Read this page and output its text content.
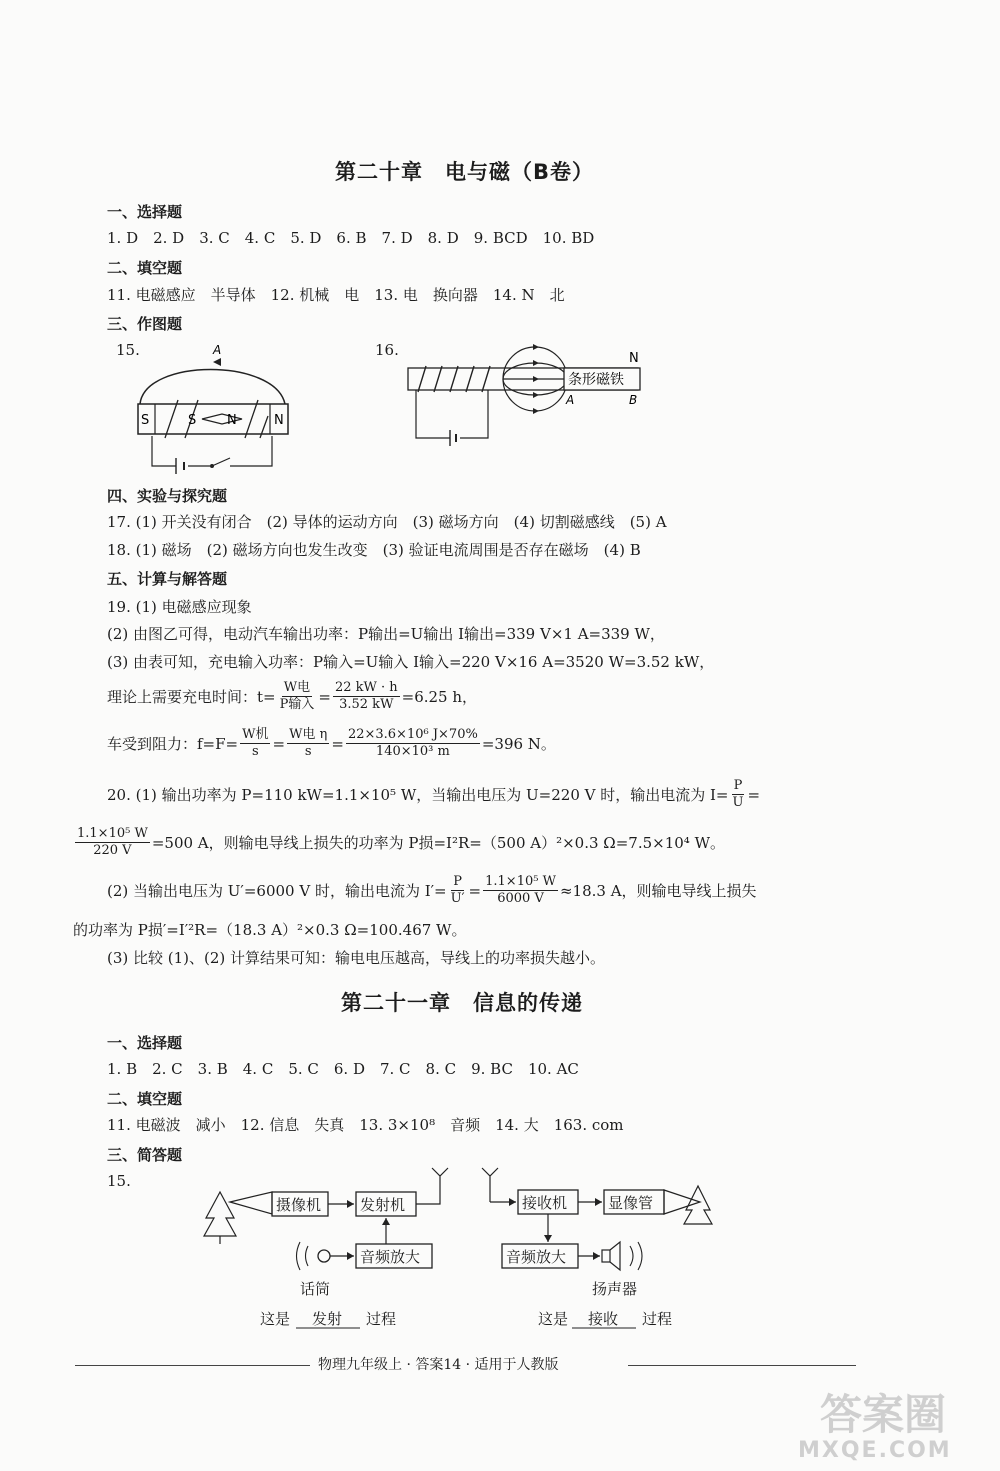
第二十章　电与磁（B卷）
一、选择题
1. D　2. D　3. C　4. C　5. D　6. B　7. D　8. D　9. BCD　10. BD
二、填空题
11. 电磁感应　半导体　12. 机械　电　13. 电　换向器　14. N　北
三、作图题
15.	16.
A
S	N
S N
条形磁铁
N
A	B
四、实验与探究题
17. (1) 开关没有闭合　(2) 导体的运动方向　(3) 磁场方向　(4) 切割磁感线　(5) A
18. (1) 磁场　(2) 磁场方向也发生改变　(3) 验证电流周围是否存在磁场　(4) B
五、计算与解答题
19. (1) 电磁感应现象
(2) 由图乙可得，电动汽车输出功率：P输出=U输出 I输出=339 V×1 A=339 W，
(3) 由表可知，充电输入功率：P输入=U输入 I输入=220 V×16 A=3520 W=3.52 kW，
理论上需要充电时间：$t= \frac{\text{W电}}{\text{P输入}} = \frac{22 kW \cdot h}{3.52 kW} =6.25$ h，
车受到阻力：$f=F= \frac{\text{W机}}{s} = \frac{\text{W电 η}}{s} = \frac{\text{22×3.6×10⁶ J×70\%}}{\text{140×10³ m}} =396$ N。
20. (1) 输出功率为 P=110 kW=1.1×10⁵ W，当输出电压为 U=220 V 时，输出电流为 $I= \frac{P}{U}$ =
$\frac{\text{1.1×10⁵ W}}{220 V} =500$ A，则输电导线上损失的功率为 P损=I²R=（500 A）²×0.3 Ω=7.5×10⁴ W。
(2) 当输出电压为 U′=6000 V 时，输出电流为 $I'= \frac{P}{U'} = \frac{\text{1.1×10⁵ W}}{6000 V} \approx 18.3$ A，则输电导线上损失
的功率为 P损′=I′²R=（18.3 A）²×0.3 Ω=100.467 W。
(3) 比较 (1)、(2) 计算结果可知：输电电压越高，导线上的功率损失越小。
第二十一章　信息的传递
一、选择题
1. B　2. C　3. B　4. C　5. C　6. D　7. C　8. C　9. BC　10. AC
二、填空题
11. 电磁波　减小　12. 信息　失真　13. 3×10⁸　音频　14. 大　163. com
三、简答题
15.
摄像机	发射机
音频放大
话筒
这是 发射 过程
接收机	显像管
音频放大
扬声器
这是 接收 过程
物理九年级上 · 答案14 · 适用于人教版
答案圈
MXQE.COM
